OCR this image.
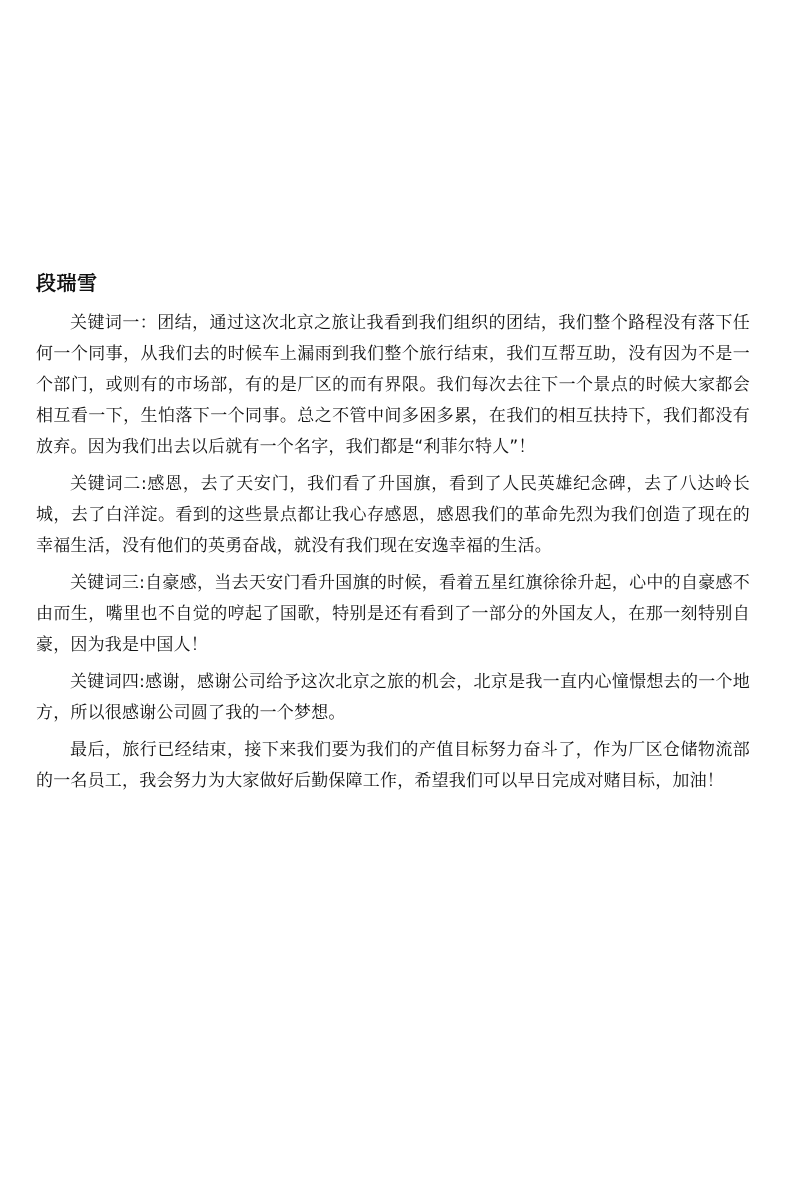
段瑞雪

关键词一：团结，通过这次北京之旅让我看到我们组织的团结，我们整个路程没有落下任何一个同事，从我们去的时候车上漏雨到我们整个旅行结束，我们互帮互助，没有因为不是一个部门，或则有的市场部，有的是厂区的而有界限。我们每次去往下一个景点的时候大家都会相互看一下，生怕落下一个同事。总之不管中间多困多累，在我们的相互扶持下，我们都没有放弃。因为我们出去以后就有一个名字，我们都是“利菲尔特人”！

关键词二:感恩，去了天安门，我们看了升国旗，看到了人民英雄纪念碑，去了八达岭长城，去了白洋淀。看到的这些景点都让我心存感恩，感恩我们的革命先烈为我们创造了现在的幸福生活，没有他们的英勇奋战，就没有我们现在安逸幸福的生活。

关键词三:自豪感，当去天安门看升国旗的时候，看着五星红旗徐徐升起，心中的自豪感不由而生，嘴里也不自觉的哼起了国歌，特别是还有看到了一部分的外国友人，在那一刻特别自豪，因为我是中国人！

关键词四:感谢，感谢公司给予这次北京之旅的机会，北京是我一直内心憧憬想去的一个地方，所以很感谢公司圆了我的一个梦想。

最后，旅行已经结束，接下来我们要为我们的产值目标努力奋斗了，作为厂区仓储物流部的一名员工，我会努力为大家做好后勤保障工作，希望我们可以早日完成对赌目标，加油！
